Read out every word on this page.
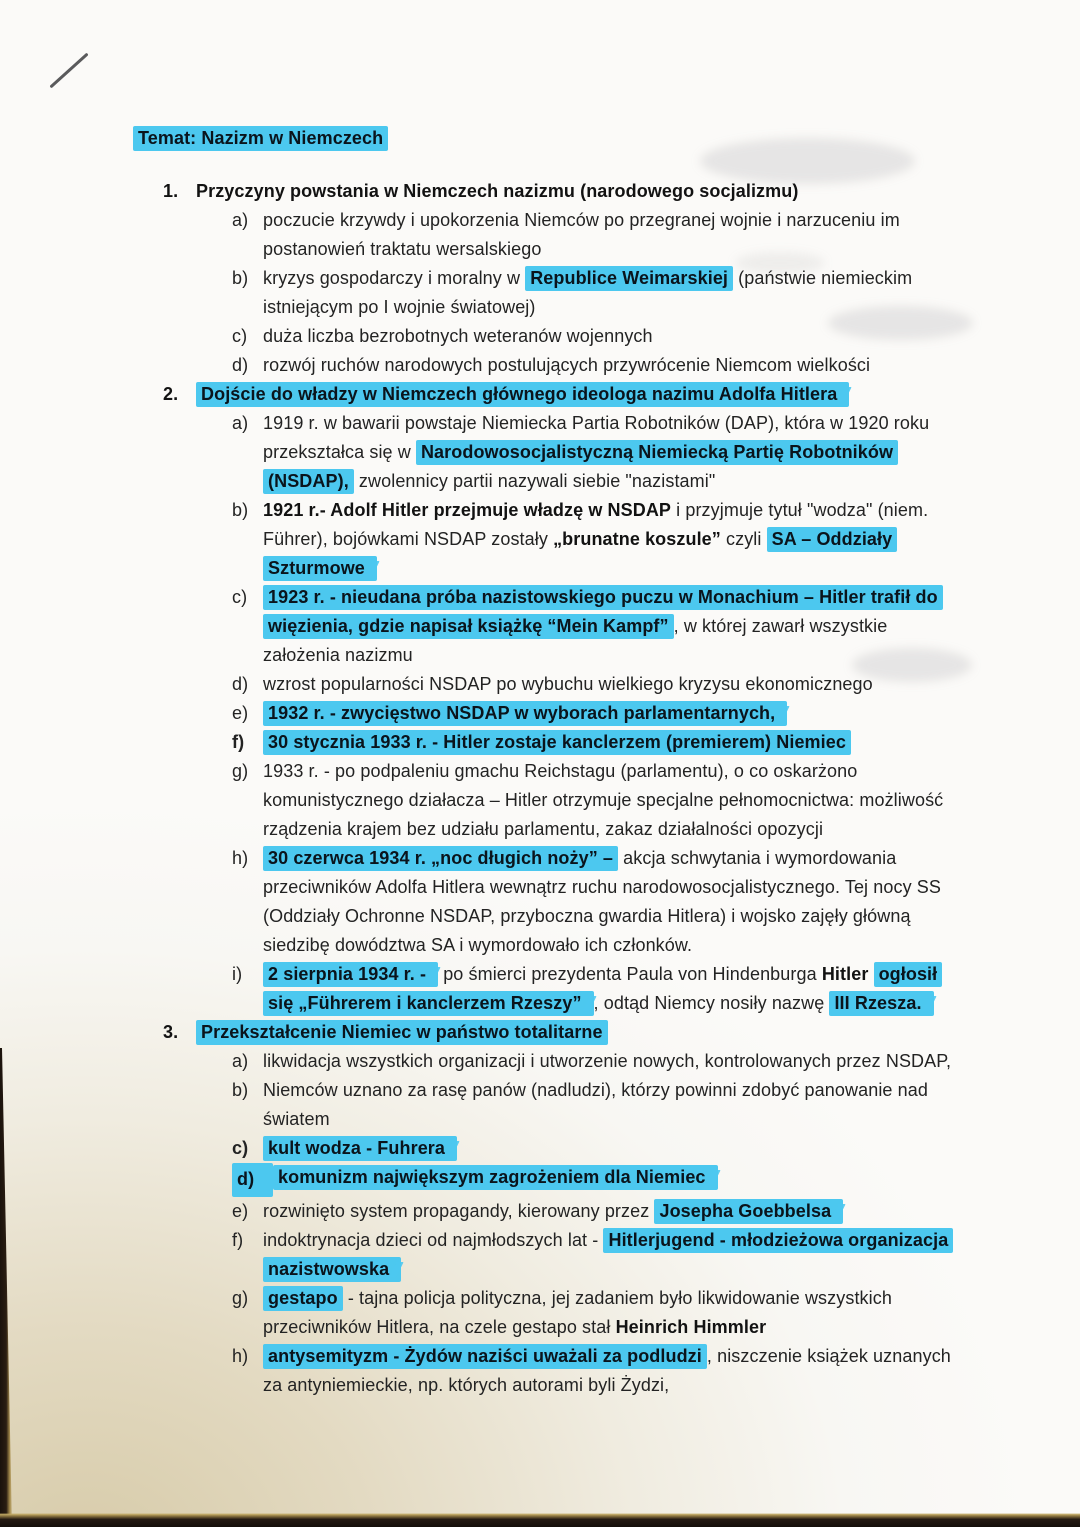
Temat: Nazizm w Niemczech
1. Przyczyny powstania w Niemczech nazizmu (narodowego socjalizmu)
a) poczucie krzywdy i upokorzenia Niemców po przegranej wojnie i narzuceniu im postanowień traktatu wersalskiego
b) kryzys gospodarczy i moralny w Republice Weimarskiej (państwie niemieckim istniejącym po I wojnie światowej)
c) duża liczba bezrobotnych weteranów wojennych
d) rozwój ruchów narodowych postulujących przywrócenie Niemcom wielkości
2.	Dojście do władzy w Niemczech głównego ideologa nazimu Adolfa Hitlera
a) 1919 r. w bawarii powstaje Niemiecka Partia Robotników (DAP), która w 1920 roku przekształca się w Narodowosocjalistyczną Niemiecką Partię Robotników (NSDAP), zwolennicy partii nazywali siebie "nazistami"
b) 1921 r.- Adolf Hitler przejmuje władzę w NSDAP i przyjmuje tytuł "wodza" (niem. Führer), bojówkami NSDAP zostały „brunatne koszule” czyli SA – Oddziały Szturmowe
c)	1923 r. - nieudana próba nazistowskiego puczu w Monachium – Hitler trafił do więzienia, gdzie napisał książkę “Mein Kampf” , w której zawarł wszystkie założenia nazizmu
d) wzrost popularności NSDAP po wybuchu wielkiego kryzysu ekonomicznego
e)	1932 r. - zwycięstwo NSDAP w wyborach parlamentarnych,
f)	30 stycznia 1933 r. - Hitler zostaje kanclerzem (premierem) Niemiec
g) 1933 r. - po podpaleniu gmachu Reichstagu (parlamentu), o co oskarżono komunistycznego działacza – Hitler otrzymuje specjalne pełnomocnictwa: możliwość rządzenia krajem bez udziału parlamentu, zakaz działalności opozycji
h)	30 czerwca 1934 r. „noc długich noży” – akcja schwytania i wymordowania przeciwników Adolfa Hitlera wewnątrz ruchu narodowosocjalistycznego. Tej nocy SS (Oddziały Ochronne NSDAP, przyboczna gwardia Hitlera) i wojsko zajęły główną siedzibę dowództwa SA i wymordowało ich członków.
i)	2 sierpnia 1934 r. - po śmierci prezydenta Paula von Hindenburga Hitler ogłosił się „Führerem i kanclerzem Rzeszy” , odtąd Niemcy nosiły nazwę III Rzesza.
3.	Przekształcenie Niemiec w państwo totalitarne
a) likwidacja wszystkich organizacji i utworzenie nowych, kontrolowanych przez NSDAP,
b) Niemców uznano za rasę panów (nadludzi), którzy powinni zdobyć panowanie nad światem
c)	kult wodza - Fuhrera
d)	komunizm największym zagrożeniem dla Niemiec
e) rozwinięto system propagandy, kierowany przez Josepha Goebbelsa
f)	indoktrynacja dzieci od najmłodszych lat - Hitlerjugend - młodzieżowa organizacja nazistwowska
g)	gestapo - tajna policja polityczna, jej zadaniem było likwidowanie wszystkich przeciwników Hitlera, na czele gestapo stał Heinrich Himmler
h)	antysemityzm - Żydów naziści uważali za podludzi , niszczenie książek uznanych za antyniemieckie, np. których autorami byli Żydzi,
